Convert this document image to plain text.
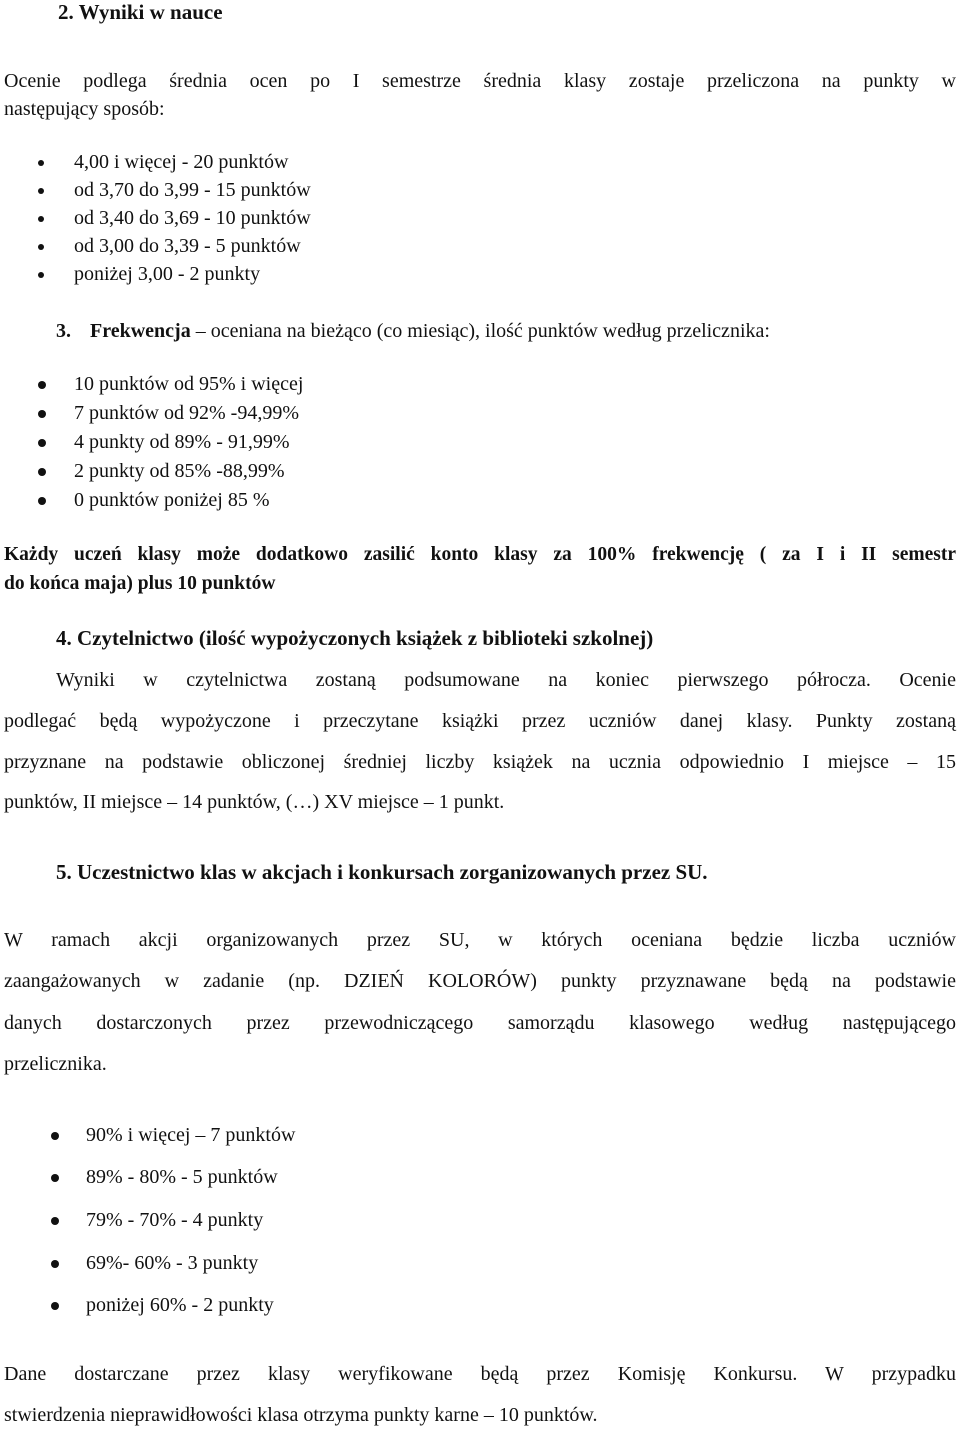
2. Wyniki w nauce
Ocenie podlega średnia ocen po I semestrze średnia klasy zostaje przeliczona na punkty w
następujący sposób:
4,00 i więcej - 20 punktów
od 3,70 do 3,99 - 15 punktów
od 3,40 do 3,69 - 10 punktów
od 3,00 do 3,39 - 5 punktów
poniżej 3,00 - 2 punkty
3. Frekwencja – oceniana na bieżąco (co miesiąc), ilość punktów według przelicznika:
10 punktów od 95% i więcej
7 punktów od 92% -94,99%
4 punkty od 89% - 91,99%
2 punkty od 85% -88,99%
0 punktów poniżej 85 %
Każdy uczeń klasy może dodatkowo zasilić konto klasy za 100% frekwencję ( za I i II semestr
do końca maja) plus 10 punktów
4. Czytelnictwo (ilość wypożyczonych książek z biblioteki szkolnej)
Wyniki w czytelnictwa zostaną podsumowane na koniec pierwszego półrocza. Ocenie
podlegać będą wypożyczone i przeczytane książki przez uczniów danej klasy. Punkty zostaną
przyznane na podstawie obliczonej średniej liczby książek na ucznia odpowiednio I miejsce – 15
punktów, II miejsce – 14 punktów, (…) XV miejsce – 1 punkt.
5. Uczestnictwo klas w akcjach i konkursach zorganizowanych przez SU.
W ramach akcji organizowanych przez SU, w których oceniana będzie liczba uczniów
zaangażowanych w zadanie (np. DZIEŃ KOLORÓW) punkty przyznawane będą na podstawie
danych dostarczonych przez przewodniczącego samorządu klasowego według następującego
przelicznika.
90% i więcej – 7 punktów
89% - 80% - 5 punktów
79% - 70% - 4 punkty
69%- 60% - 3 punkty
poniżej 60% - 2 punkty
Dane dostarczane przez klasy weryfikowane będą przez Komisję Konkursu. W przypadku
stwierdzenia nieprawidłowości klasa otrzyma punkty karne – 10 punktów.
